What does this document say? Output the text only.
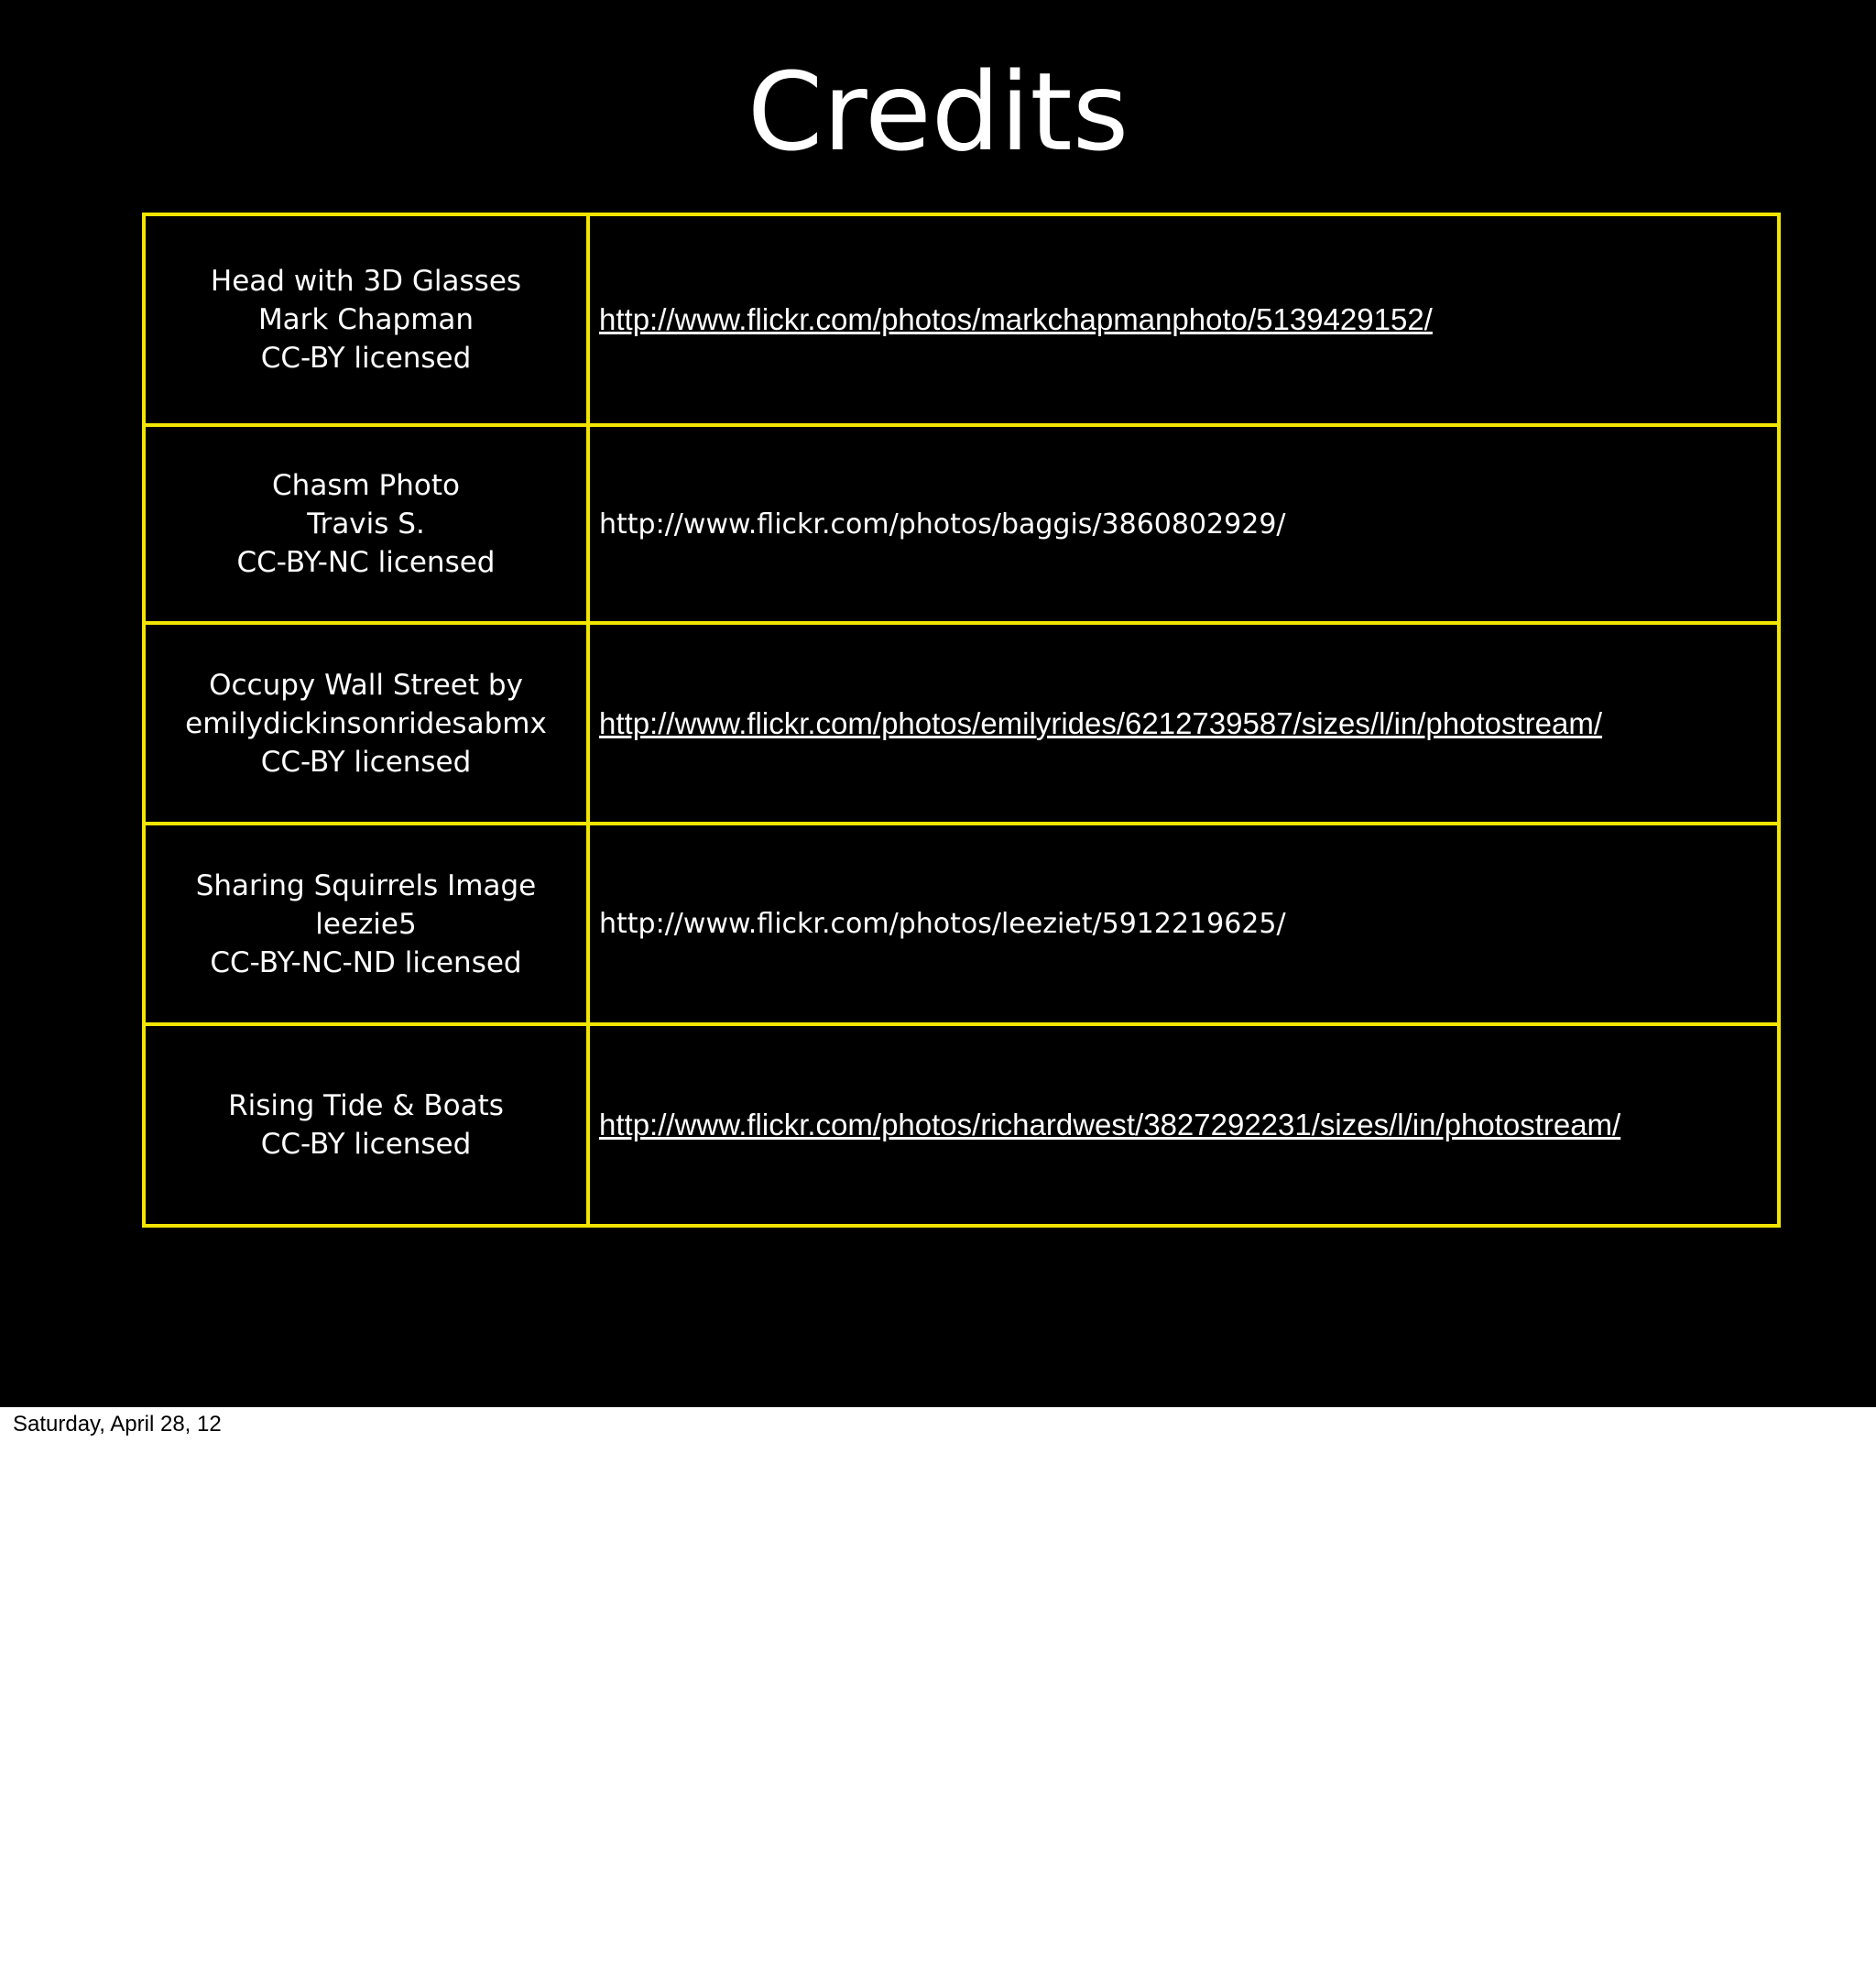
Credits
Head with 3D Glasses
Mark Chapman
CC-BY licensed	http://www.flickr.com/photos/markchapmanphoto/5139429152/

Chasm Photo
Travis S.
CC-BY-NC licensed	http://www.flickr.com/photos/baggis/3860802929/

Occupy Wall Street by
emilydickinsonridesabmx
CC-BY licensed	http://www.flickr.com/photos/emilyrides/6212739587/sizes/l/in/photostream/

Sharing Squirrels Image
leezie5
CC-BY-NC-ND licensed	http://www.flickr.com/photos/leeziet/5912219625/

Rising Tide & Boats
CC-BY licensed	http://www.flickr.com/photos/richardwest/3827292231/sizes/l/in/photostream/
Saturday, April 28, 12
